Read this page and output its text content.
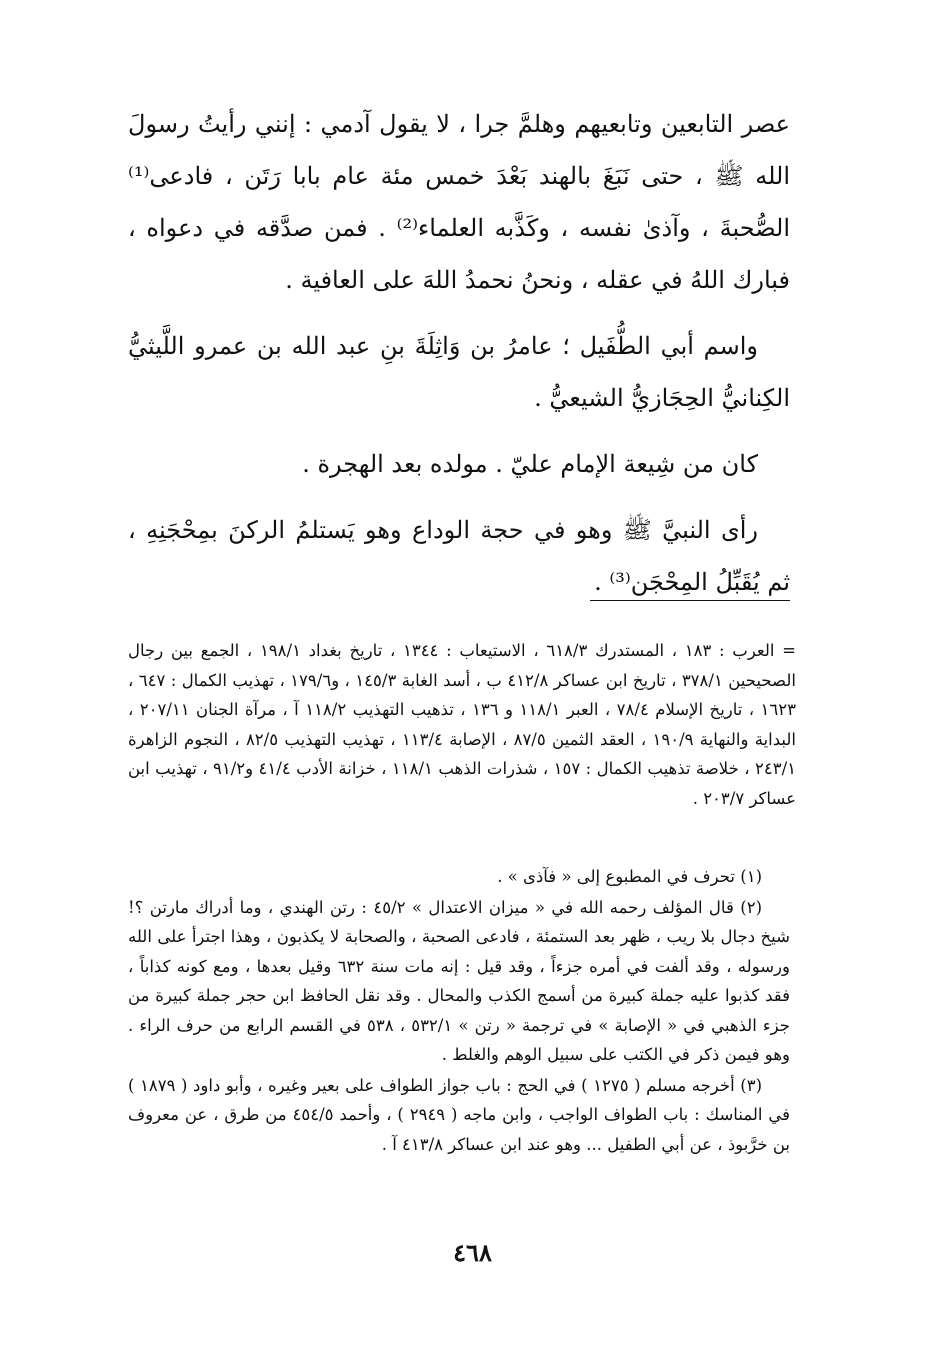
عصر التابعين وتابعيهم وهلمَّ جرا ، لا يقول آدمي : إنني رأيتُ رسولَ الله ﷺ ، حتى نَبَغَ بالهند بَعْدَ خمس مئة عام بابا رَتَن ، فادعى⁽¹⁾ الصُّحبةَ ، وآذىٰ نفسه ، وكَذَّبه العلماء⁽²⁾ . فمن صدَّقه في دعواه ، فبارك اللهُ في عقله ، ونحنُ نحمدُ اللهَ على العافية .

واسم أبي الطُّفَيل ؛ عامرُ بن وَاثِلَةَ بنِ عبد الله بن عمرو اللَّيثيُّ الكِنانيُّ الحِجَازيُّ الشيعيُّ .

كان من شِيعة الإمام عليّ . مولده بعد الهجرة .

رأى النبيَّ ﷺ وهو في حجة الوداع وهو يَستلمُ الركنَ بمِحْجَنِهِ ، ثم يُقَبِّلُ المِحْجَن⁽³⁾ .

= العرب : ١٨٣ ، المستدرك ٦١٨/٣ ، الاستيعاب : ١٣٤٤ ، تاريخ بغداد ١٩٨/١ ، الجمع بين رجال الصحيحين ٣٧٨/١ ، تاريخ ابن عساكر ٤١٢/٨ ب ، أسد الغابة ١٤٥/٣ ، و١٧٩/٦ ، تهذيب الكمال : ٦٤٧ ، ١٦٢٣ ، تاريخ الإسلام ٧٨/٤ ، العبر ١١٨/١ و ١٣٦ ، تذهيب التهذيب ١١٨/٢ آ ، مرآة الجنان ٢٠٧/١١ ، البداية والنهاية ١٩٠/٩ ، العقد الثمين ٨٧/٥ ، الإصابة ١١٣/٤ ، تهذيب التهذيب ٨٢/٥ ، النجوم الزاهرة ٢٤٣/١ ، خلاصة تذهيب الكمال : ١٥٧ ، شذرات الذهب ١١٨/١ ، خزانة الأدب ٤١/٤ و٩١/٢ ، تهذيب ابن عساكر ٢٠٣/٧ .

(١) تحرف في المطبوع إلى « فآذى » .

(٢) قال المؤلف رحمه الله في « ميزان الاعتدال » ٤٥/٢ : رتن الهندي ، وما أدراك مارتن ؟! شيخ دجال بلا ريب ، ظهر بعد الستمئة ، فادعى الصحبة ، والصحابة لا يكذبون ، وهذا اجترأ على الله ورسوله ، وقد ألفت في أمره جزءاً ، وقد قيل : إنه مات سنة ٦٣٢ وقيل بعدها ، ومع كونه كذاباً ، فقد كذبوا عليه جملة كبيرة من أسمج الكذب والمحال . وقد نقل الحافظ ابن حجر جملة كبيرة من جزء الذهبي في « الإصابة » في ترجمة « رتن » ٥٣٢/١ ، ٥٣٨ في القسم الرابع من حرف الراء . وهو فيمن ذكر في الكتب على سبيل الوهم والغلط .

(٣) أخرجه مسلم ( ١٢٧٥ ) في الحج : باب جواز الطواف على بعير وغيره ، وأبو داود ( ١٨٧٩ ) في المناسك : باب الطواف الواجب ، وابن ماجه ( ٢٩٤٩ ) ، وأحمد ٤٥٤/٥ من طرق ، عن معروف بن خرَّبوذ ، عن أبي الطفيل ... وهو عند ابن عساكر ٤١٣/٨ آ .

٤٦٨
